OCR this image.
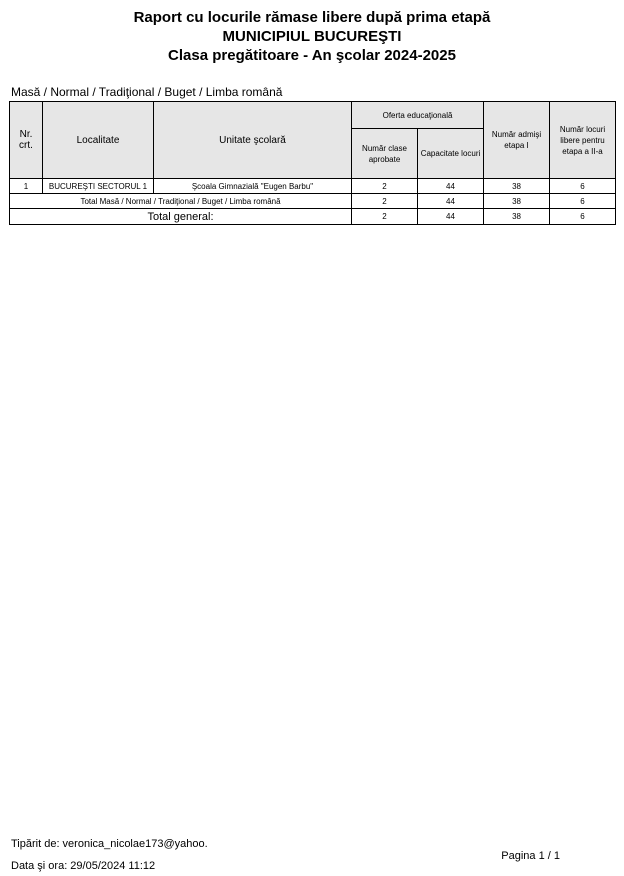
Raport cu locurile rămase libere după prima etapă
MUNICIPIUL BUCUREŞTI
Clasa pregătitoare - An şcolar 2024-2025
Masă / Normal / Tradiţional / Buget / Limba română
Nr. crt.	Localitate	Unitate şcolară	Oferta educaţională		Număr admişi etapa I	Număr locuri libere pentru etapa a II-a
			Număr clase aprobate	Capacitate locuri		
1	BUCUREŞTI SECTORUL 1	Şcoala Gimnazială "Eugen Barbu"	2	44	38	6
Total Masă / Normal / Tradiţional / Buget / Limba română			2	44	38	6
Total general:			2	44	38	6
Tipărit de: veronica_nicolae173@yahoo.
Data şi ora: 29/05/2024 11:12
Pagina 1 / 1
